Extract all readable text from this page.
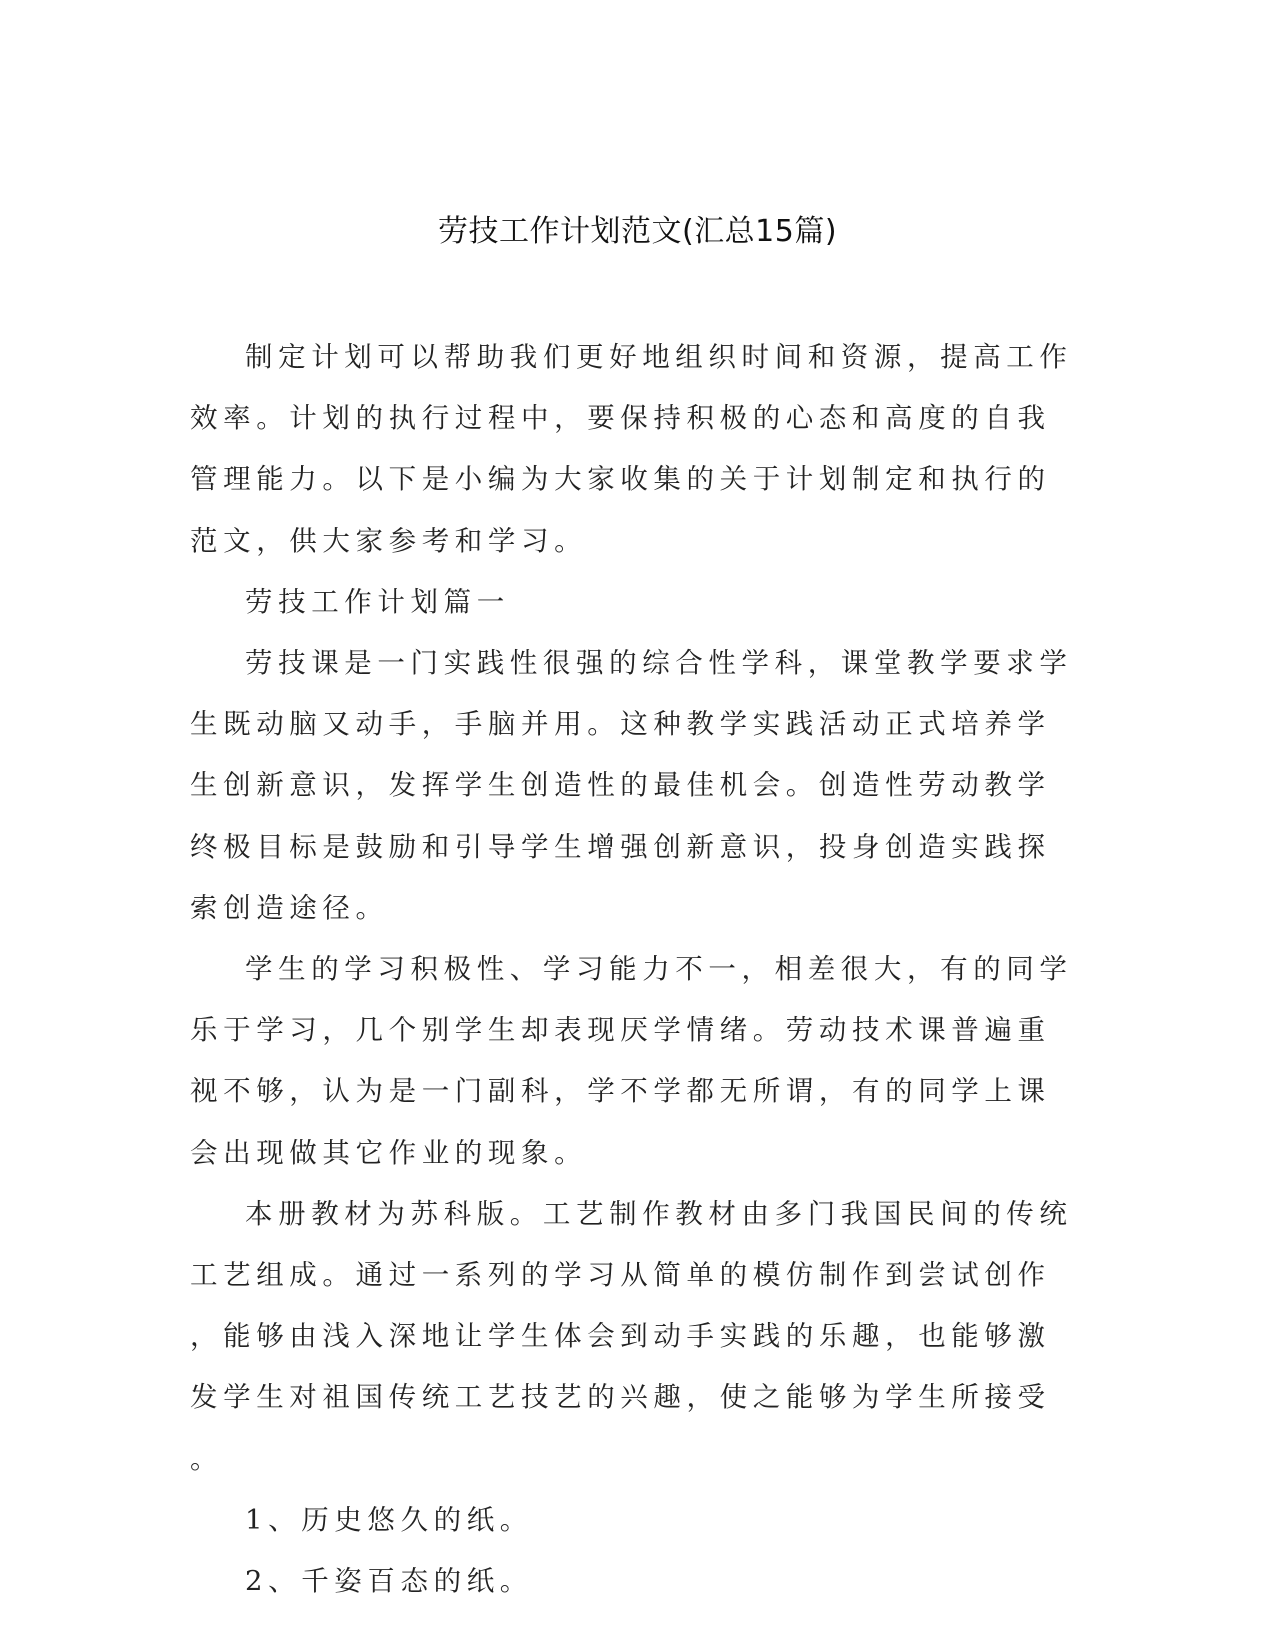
劳技工作计划范文(汇总15篇)

制定计划可以帮助我们更好地组织时间和资源，提高工作效率。计划的执行过程中，要保持积极的心态和高度的自我管理能力。以下是小编为大家收集的关于计划制定和执行的范文，供大家参考和学习。

劳技工作计划篇一

劳技课是一门实践性很强的综合性学科，课堂教学要求学生既动脑又动手，手脑并用。这种教学实践活动正式培养学生创新意识，发挥学生创造性的最佳机会。创造性劳动教学终极目标是鼓励和引导学生增强创新意识，投身创造实践探索创造途径。

学生的学习积极性、学习能力不一，相差很大，有的同学乐于学习，几个别学生却表现厌学情绪。劳动技术课普遍重视不够，认为是一门副科，学不学都无所谓，有的同学上课会出现做其它作业的现象。

本册教材为苏科版。工艺制作教材由多门我国民间的传统工艺组成。通过一系列的学习从简单的模仿制作到尝试创作，能够由浅入深地让学生体会到动手实践的乐趣，也能够激发学生对祖国传统工艺技艺的兴趣，使之能够为学生所接受。

1、历史悠久的纸。

2、千姿百态的纸。
